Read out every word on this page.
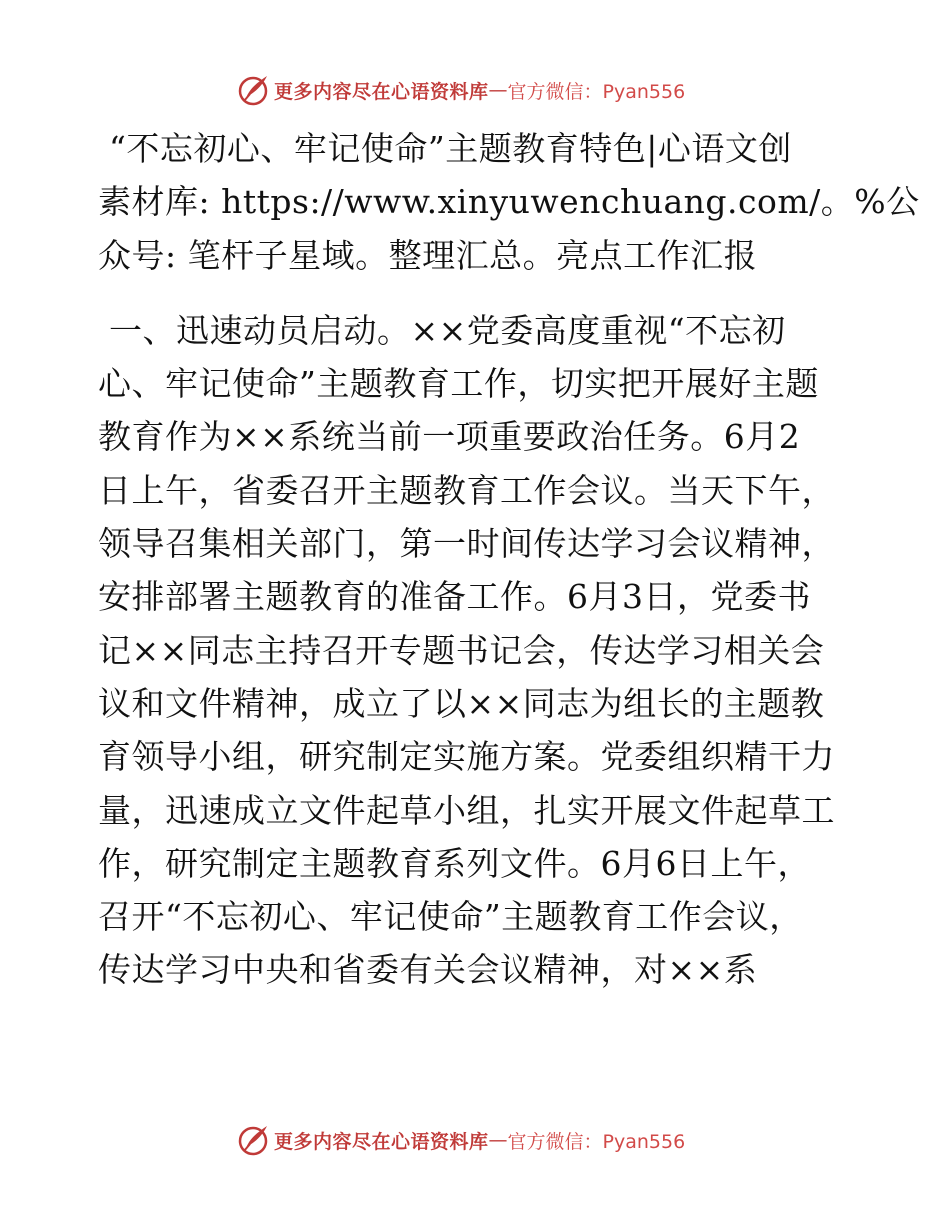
更多内容尽在心语资料库 — 官方微信：Pyan556

“不忘初心、牢记使命”主题教育特色|心语文创

素材库: https://www.xinyuwenchuang.com/。%公

众号: 笔杆子星域。整理汇总。亮点工作汇报

一、迅速动员启动。××党委高度重视“不忘初

心、牢记使命”主题教育工作，切实把开展好主题

教育作为××系统当前一项重要政治任务。6月2

日上午，省委召开主题教育工作会议。当天下午，

领导召集相关部门，第一时间传达学习会议精神，

安排部署主题教育的准备工作。6月3日，党委书

记××同志主持召开专题书记会，传达学习相关会

议和文件精神，成立了以××同志为组长的主题教

育领导小组，研究制定实施方案。党委组织精干力

量，迅速成立文件起草小组，扎实开展文件起草工

作，研究制定主题教育系列文件。6月6日上午，

召开“不忘初心、牢记使命”主题教育工作会议，

传达学习中央和省委有关会议精神，对××系

更多内容尽在心语资料库 — 官方微信：Pyan556
